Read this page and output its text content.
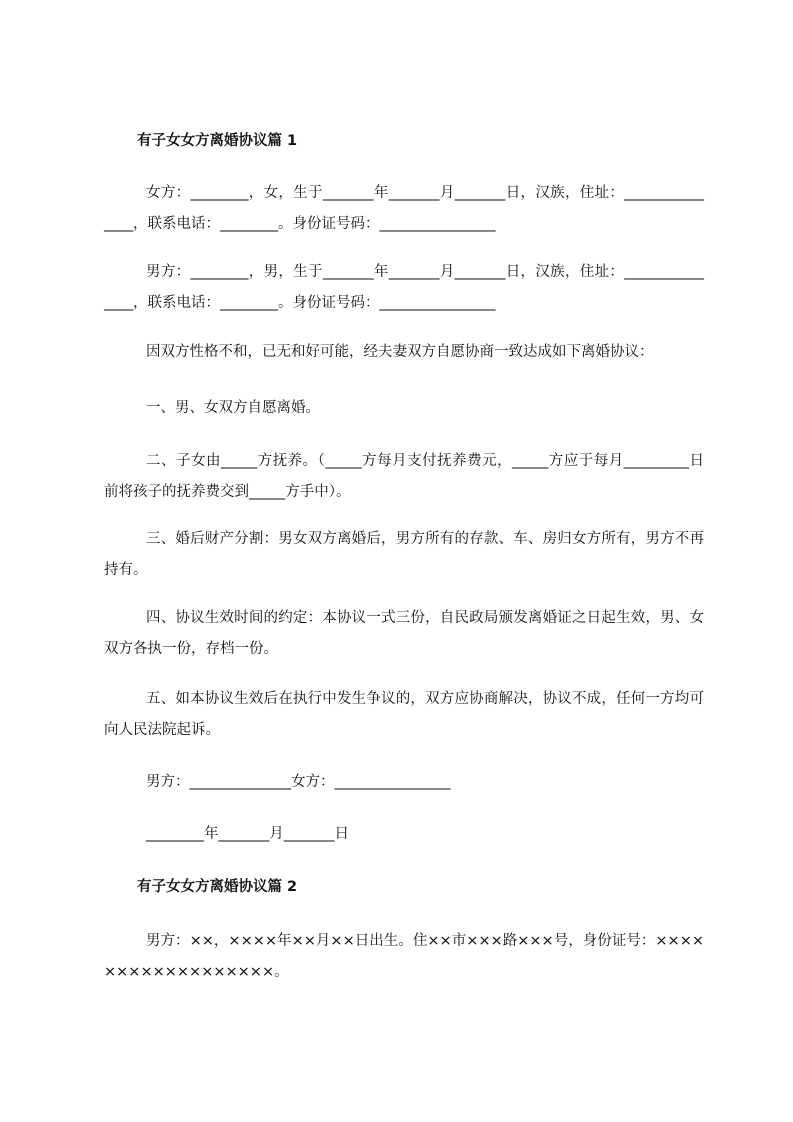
有子女女方离婚协议篇 1

女方：________，女，生于_______年_______月_______日，汉族，住址：_______________，联系电话：________。身份证号码：________________

男方：________，男，生于_______年_______月_______日，汉族，住址：_______________，联系电话：________。身份证号码：________________

因双方性格不和，已无和好可能，经夫妻双方自愿协商一致达成如下离婚协议：

一、男、女双方自愿离婚。

二、子女由_____方抚养。（_____方每月支付抚养费元，_____方应于每月_________日前将孩子的抚养费交到_____方手中）。

三、婚后财产分割：男女双方离婚后，男方所有的存款、车、房归女方所有，男方不再持有。

四、协议生效时间的约定：本协议一式三份，自民政局颁发离婚证之日起生效，男、女双方各执一份，存档一份。

五、如本协议生效后在执行中发生争议的，双方应协商解决，协议不成，任何一方均可向人民法院起诉。

男方：______________女方：________________

________年_______月_______日

有子女女方离婚协议篇 2

男方：××，××××年××月××日出生。住××市×××路×××号，身份证号：××××××××××××××××××。
